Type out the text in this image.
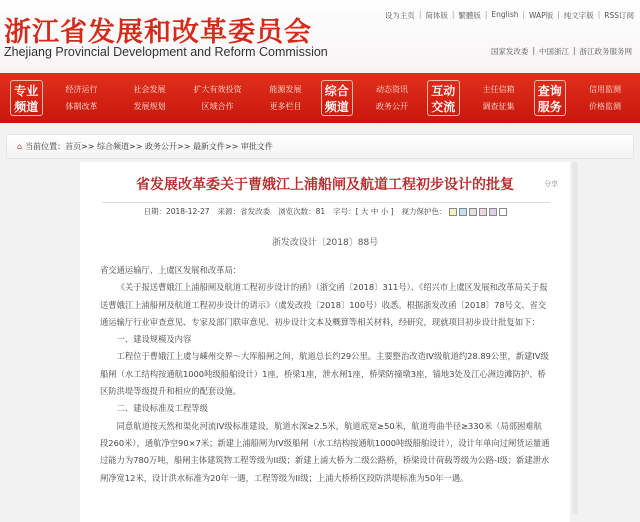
浙江省发展和改革委员会
Zhejiang Provincial Development and Reform Commission
设为主页 | 简体版 | 繁體版 | English | WAP版 | 纯文字版 | RSS订阅
国家发改委 | 中国浙江 | 浙江政务服务网
专业
频道
经济运行
体制改革
社会发展
发展规划
扩大有效投资
区域合作
能源发展
更多栏目
综合
频道
动态资讯
政务公开
互动
交流
主任信箱
调查征集
查询
服务
信用监测
价格监测
⌂ 当前位置：首页>> 综合频道>> 政务公开>> 最新文件>> 审批文件
省发展改革委关于曹娥江上浦船闸及航道工程初步设计的批复	分享
日期：2018-12-27 来源：省发改委 浏览次数：81 字号：[ 大 中 小 ] 视力保护色：
浙发改设计〔2018〕88号

省交通运输厅、上虞区发展和改革局：

《关于报送曹娥江上浦船闸及航道工程初步设计的函》（浙交函〔2018〕311号）、《绍兴市上虞区发展和改革局关于报送曹娥江上浦船闸及航道工程初步设计的请示》（虞发改投〔2018〕100号）收悉。根据浙发改函〔2018〕78号文、省交通运输厅行业审查意见、专家及部门联审意见、初步设计文本及概算等相关材料，经研究，现就项目初步设计批复如下：

一、建设规模及内容

工程位于曹娥江上虞与嵊州交界～大厍船闸之间，航道总长约29公里。主要整治改造IV级航道约28.89公里，新建IV级船闸（水工结构按通航1000吨级船舶设计）1座，桥梁1座，泄水闸1座，桥梁防撞墩3座，锚地3处及江心洲边滩防护、桥区防洪堤等级提升和相应的配套设施。

二、建设标准及工程等级

同意航道按天然和渠化河流IV级标准建设，航道水深≥2.5米，航道底宽≥50米，航道弯曲半径≥330米（局部困难航段260米），通航净空90×7米；新建上浦船闸为IV级船闸（水工结构按通航1000吨级船舶设计），设计年单向过闸货运量通过能力为780万吨，船闸主体建筑物工程等级为II级；新建上浦大桥为二级公路桥，桥梁设计荷载等级为公路-I级；新建泄水闸净宽12米，设计洪水标准为20年一遇，工程等级为II级；上浦大桥桥区段防洪堤标准为50年一遇。
